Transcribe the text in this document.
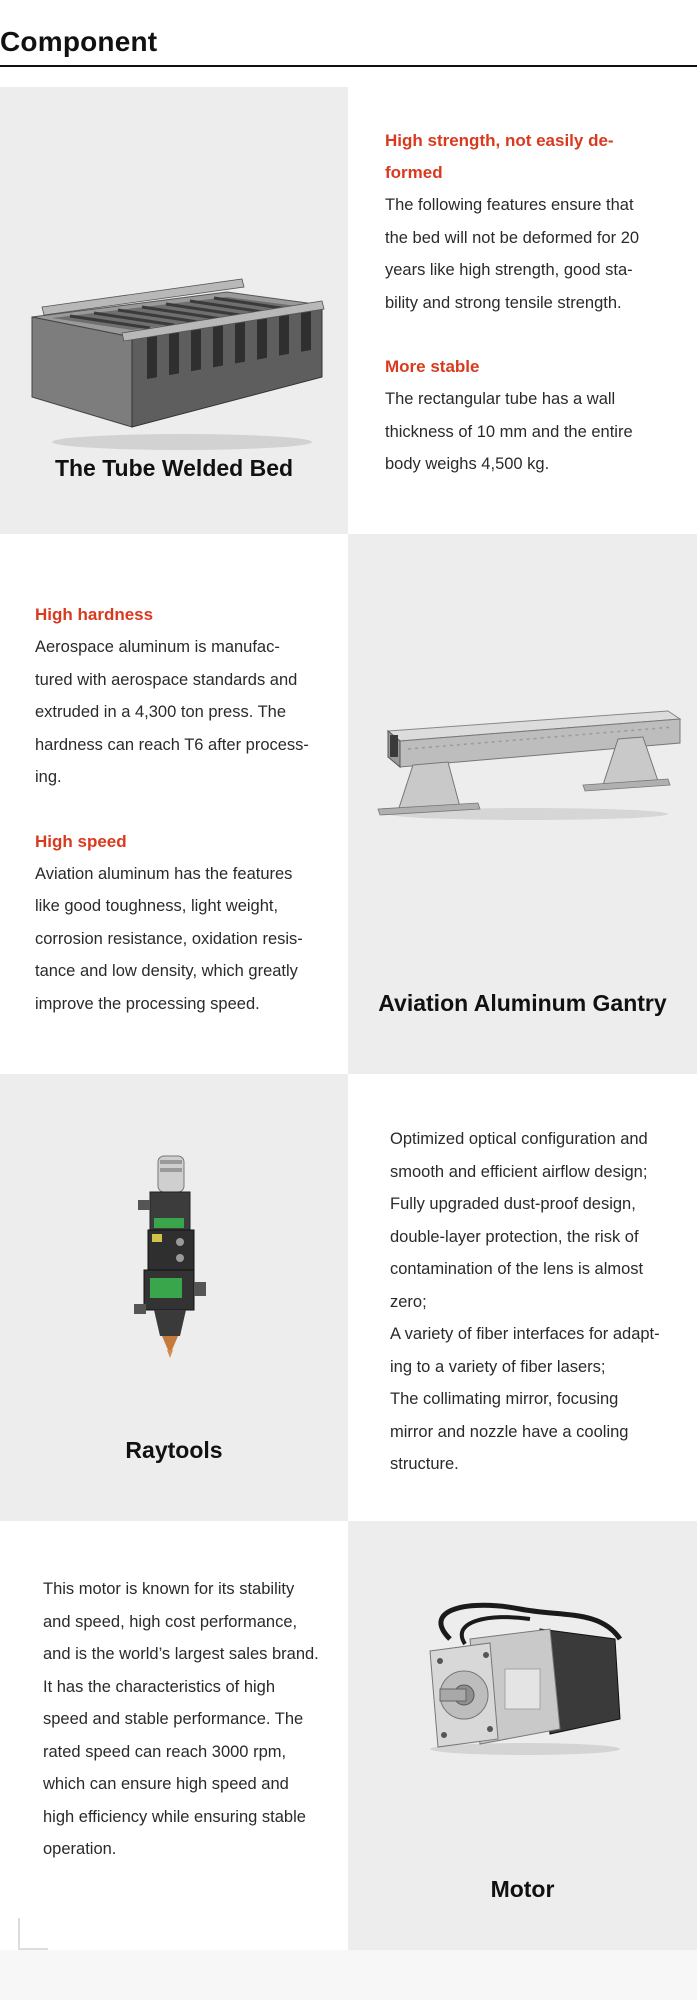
Component

The Tube Welded Bed

High strength, not easily de-
formed

The following features ensure that
the bed will not be deformed for 20
years like high strength, good sta-
bility and strong tensile strength.

More stable

The rectangular tube has a wall
thickness of 10 mm and the entire
body weighs 4,500 kg.

High hardness

Aerospace aluminum is manufac-
tured with aerospace standards and
extruded in a 4,300 ton press. The
hardness can reach T6 after process-
ing.

High speed

Aviation aluminum has the features
like good toughness, light weight,
corrosion resistance, oxidation resis-
tance and low density, which greatly
improve the processing speed.	Aviation Aluminum Gantry

Raytools

Optimized optical configuration and
smooth and efficient airflow design;
Fully upgraded dust-proof design,
double-layer protection, the risk of
contamination of the lens is almost
zero;
A variety of fiber interfaces for adapt-
ing to a variety of fiber lasers;
The collimating mirror, focusing
mirror and nozzle have a cooling
structure.

This motor is known for its stability
and speed, high cost performance,
and is the world’s largest sales brand.
It has the characteristics of high
speed and stable performance. The
rated speed can reach 3000 rpm,
which can ensure high speed and
high efficiency while ensuring stable
operation.

Motor
